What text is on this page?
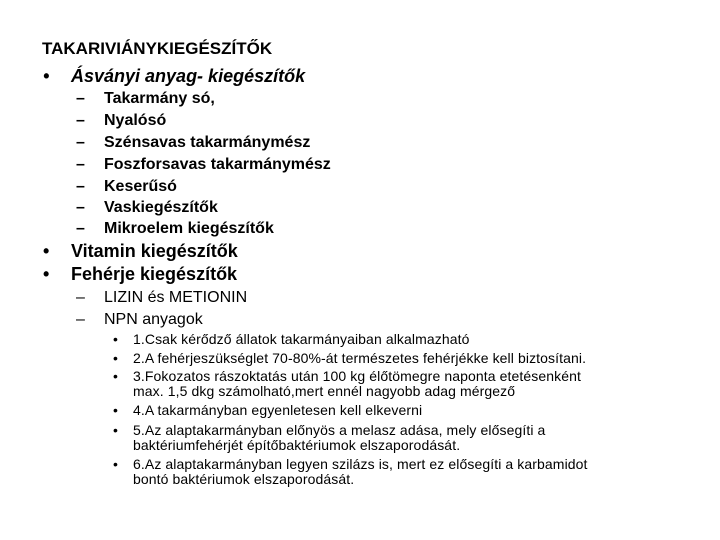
TAKARIVIÁNYKIEGÉSZÍTŐK
• Ásványi anyag- kiegészítők
– Takarmány só,
– Nyalósó
– Szénsavas takarmánymész
– Foszforsavas takarmánymész
– Keserűsó
– Vaskiegészítők
– Mikroelem kiegészítők
• Vitamin kiegészítők
• Fehérje kiegészítők
– LIZIN és METIONIN
– NPN anyagok
• 1.Csak kérődző állatok takarmányaiban alkalmazható
• 2.A fehérjeszükséglet 70-80%-át természetes fehérjékke kell biztosítani.
• 3.Fokozatos rászoktatás után 100 kg élőtömegre naponta etetésenként
max. 1,5 dkg számolható,mert ennél nagyobb adag mérgező
• 4.A takarmányban egyenletesen kell elkeverni
• 5.Az alaptakarmányban előnyös a melasz adása, mely elősegíti a
baktériumfehérjét építőbaktériumok elszaporodását.
• 6.Az alaptakarmányban legyen szilázs is, mert ez elősegíti a karbamidot
bontó baktériumok elszaporodását.
